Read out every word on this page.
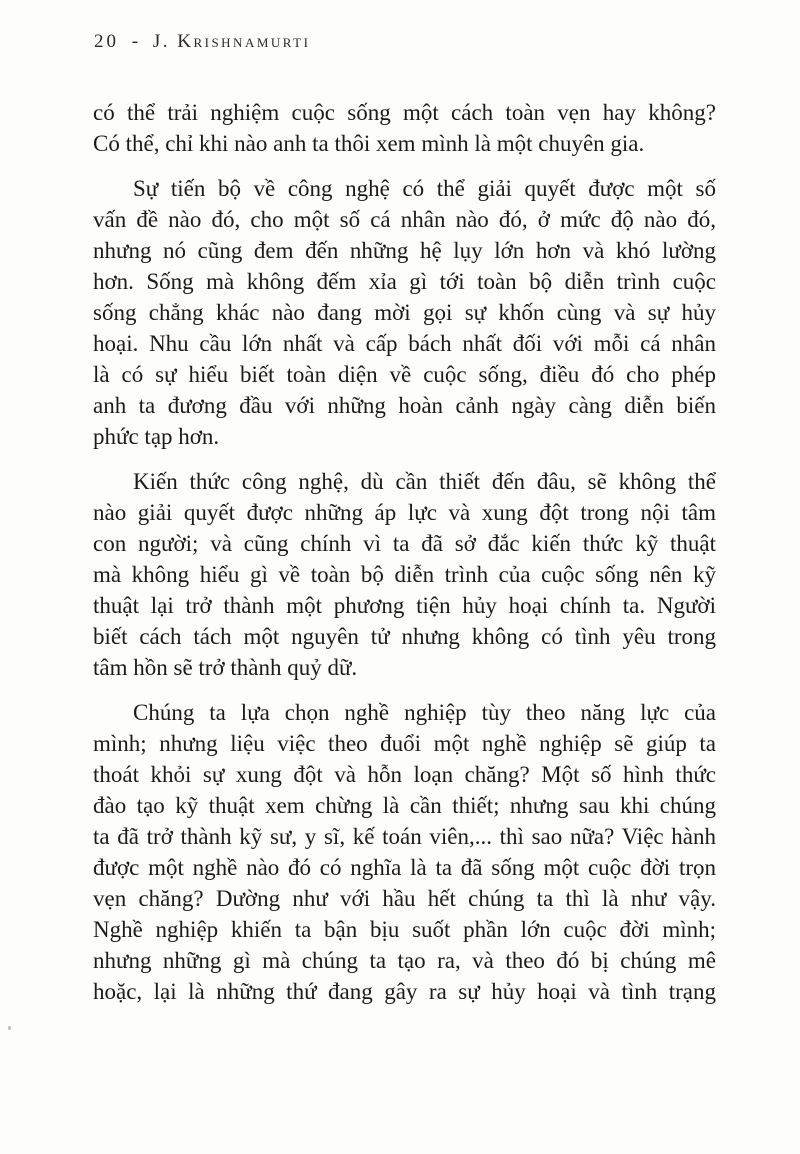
20 - J. Krishnamurti

có thể trải nghiệm cuộc sống một cách toàn vẹn hay không?
Có thể, chỉ khi nào anh ta thôi xem mình là một chuyên gia.

Sự tiến bộ về công nghệ có thể giải quyết được một số
vấn đề nào đó, cho một số cá nhân nào đó, ở mức độ nào đó,
nhưng nó cũng đem đến những hệ lụy lớn hơn và khó lường
hơn. Sống mà không đếm xỉa gì tới toàn bộ diễn trình cuộc
sống chẳng khác nào đang mời gọi sự khốn cùng và sự hủy
hoại. Nhu cầu lớn nhất và cấp bách nhất đối với mỗi cá nhân
là có sự hiểu biết toàn diện về cuộc sống, điều đó cho phép
anh ta đương đầu với những hoàn cảnh ngày càng diễn biến
phức tạp hơn.

Kiến thức công nghệ, dù cần thiết đến đâu, sẽ không thể
nào giải quyết được những áp lực và xung đột trong nội tâm
con người; và cũng chính vì ta đã sở đắc kiến thức kỹ thuật
mà không hiểu gì về toàn bộ diễn trình của cuộc sống nên kỹ
thuật lại trở thành một phương tiện hủy hoại chính ta. Người
biết cách tách một nguyên tử nhưng không có tình yêu trong
tâm hồn sẽ trở thành quỷ dữ.

Chúng ta lựa chọn nghề nghiệp tùy theo năng lực của
mình; nhưng liệu việc theo đuổi một nghề nghiệp sẽ giúp ta
thoát khỏi sự xung đột và hỗn loạn chăng? Một số hình thức
đào tạo kỹ thuật xem chừng là cần thiết; nhưng sau khi chúng
ta đã trở thành kỹ sư, y sĩ, kế toán viên,... thì sao nữa? Việc hành
được một nghề nào đó có nghĩa là ta đã sống một cuộc đời trọn
vẹn chăng? Dường như với hầu hết chúng ta thì là như vậy.
Nghề nghiệp khiến ta bận bịu suốt phần lớn cuộc đời mình;
nhưng những gì mà chúng ta tạo ra, và theo đó bị chúng mê
hoặc, lại là những thứ đang gây ra sự hủy hoại và tình trạng
